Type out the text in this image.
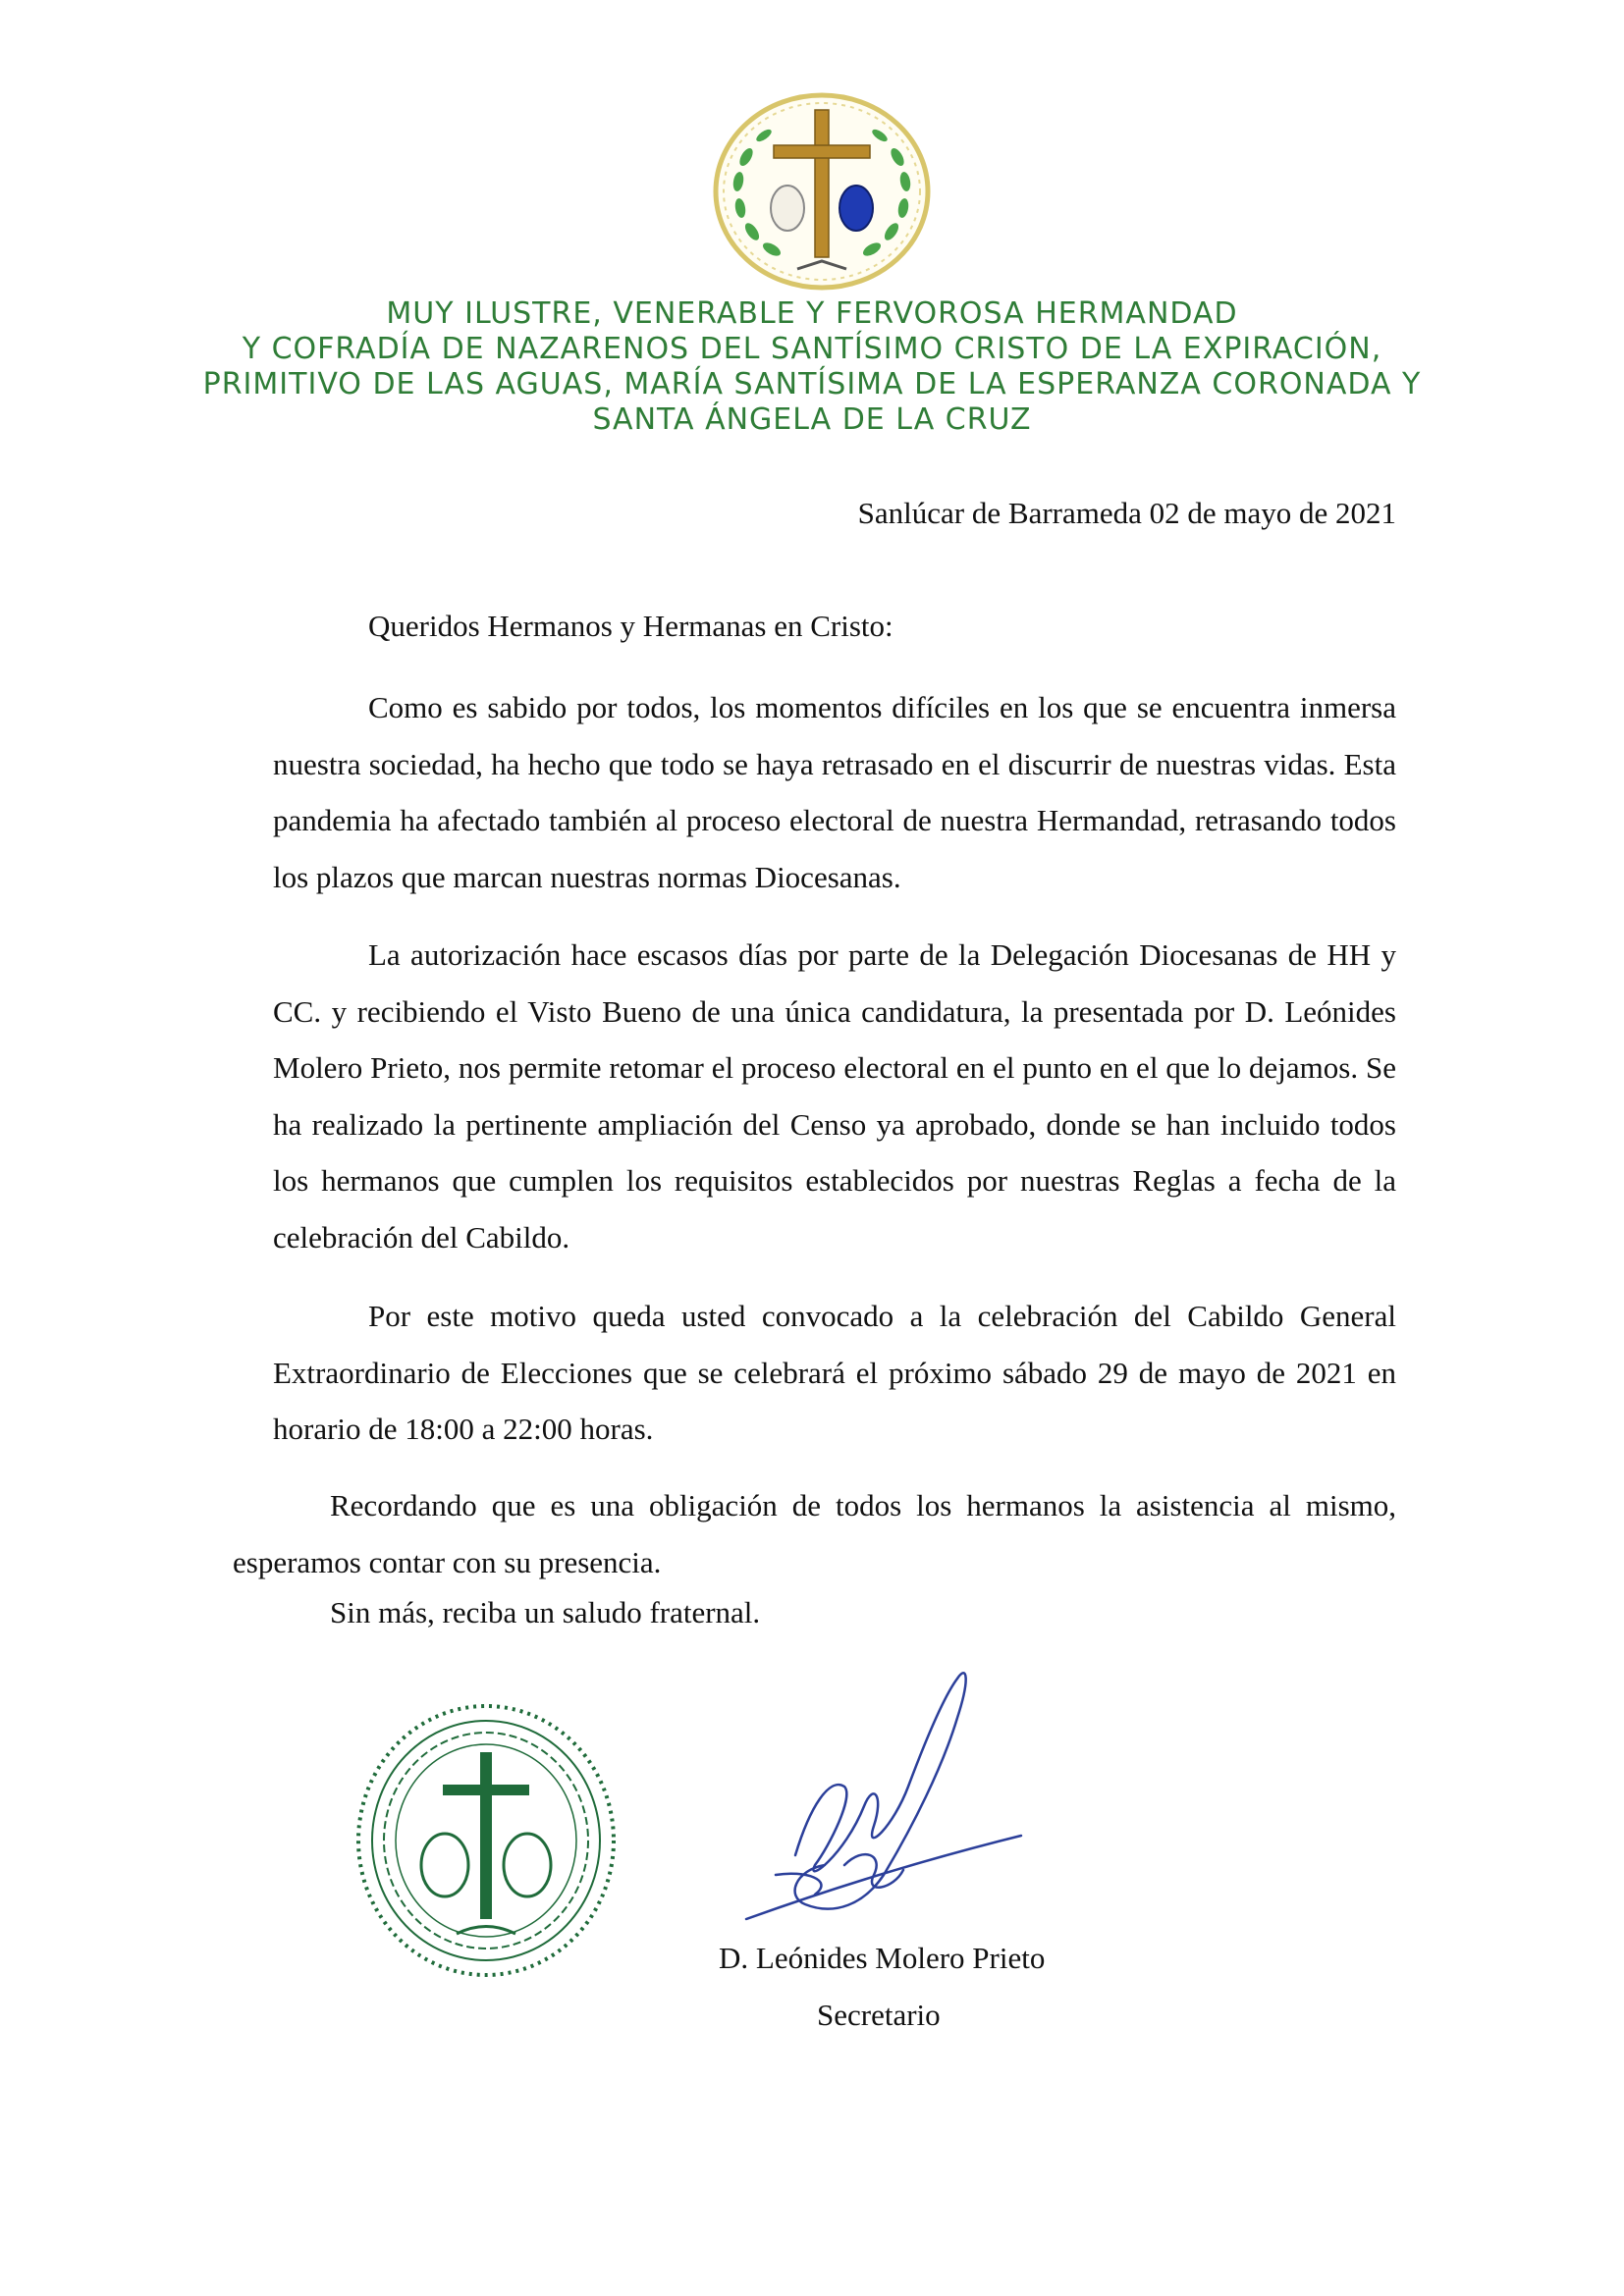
MUY ILUSTRE, VENERABLE Y FERVOROSA HERMANDAD
Y COFRADÍA DE NAZARENOS DEL SANTÍSIMO CRISTO DE LA EXPIRACIÓN,
PRIMITIVO DE LAS AGUAS, MARÍA SANTÍSIMA DE LA ESPERANZA CORONADA Y
SANTA ÁNGELA DE LA CRUZ
Sanlúcar de Barrameda 02 de mayo de 2021
Queridos Hermanos y Hermanas en Cristo:

Como es sabido por todos, los momentos difíciles en los que se encuentra inmersa nuestra sociedad, ha hecho que todo se haya retrasado en el discurrir de nuestras vidas. Esta pandemia ha afectado también al proceso electoral de nuestra Hermandad, retrasando todos los plazos que marcan nuestras normas Diocesanas.

La autorización hace escasos días por parte de la Delegación Diocesanas de HH y CC. y recibiendo el Visto Bueno de una única candidatura, la presentada por D. Leónides Molero Prieto, nos permite retomar el proceso electoral en el punto en el que lo dejamos. Se ha realizado la pertinente ampliación del Censo ya aprobado, donde se han incluido todos los hermanos que cumplen los requisitos establecidos por nuestras Reglas a fecha de la celebración del Cabildo.

Por este motivo queda usted convocado a la celebración del Cabildo General Extraordinario de Elecciones que se celebrará el próximo sábado 29 de mayo de 2021 en horario de 18:00 a 22:00 horas.

Recordando que es una obligación de todos los hermanos la asistencia al mismo, esperamos contar con su presencia.

Sin más, reciba un saludo fraternal.
D. Leónides Molero Prieto
Secretario
